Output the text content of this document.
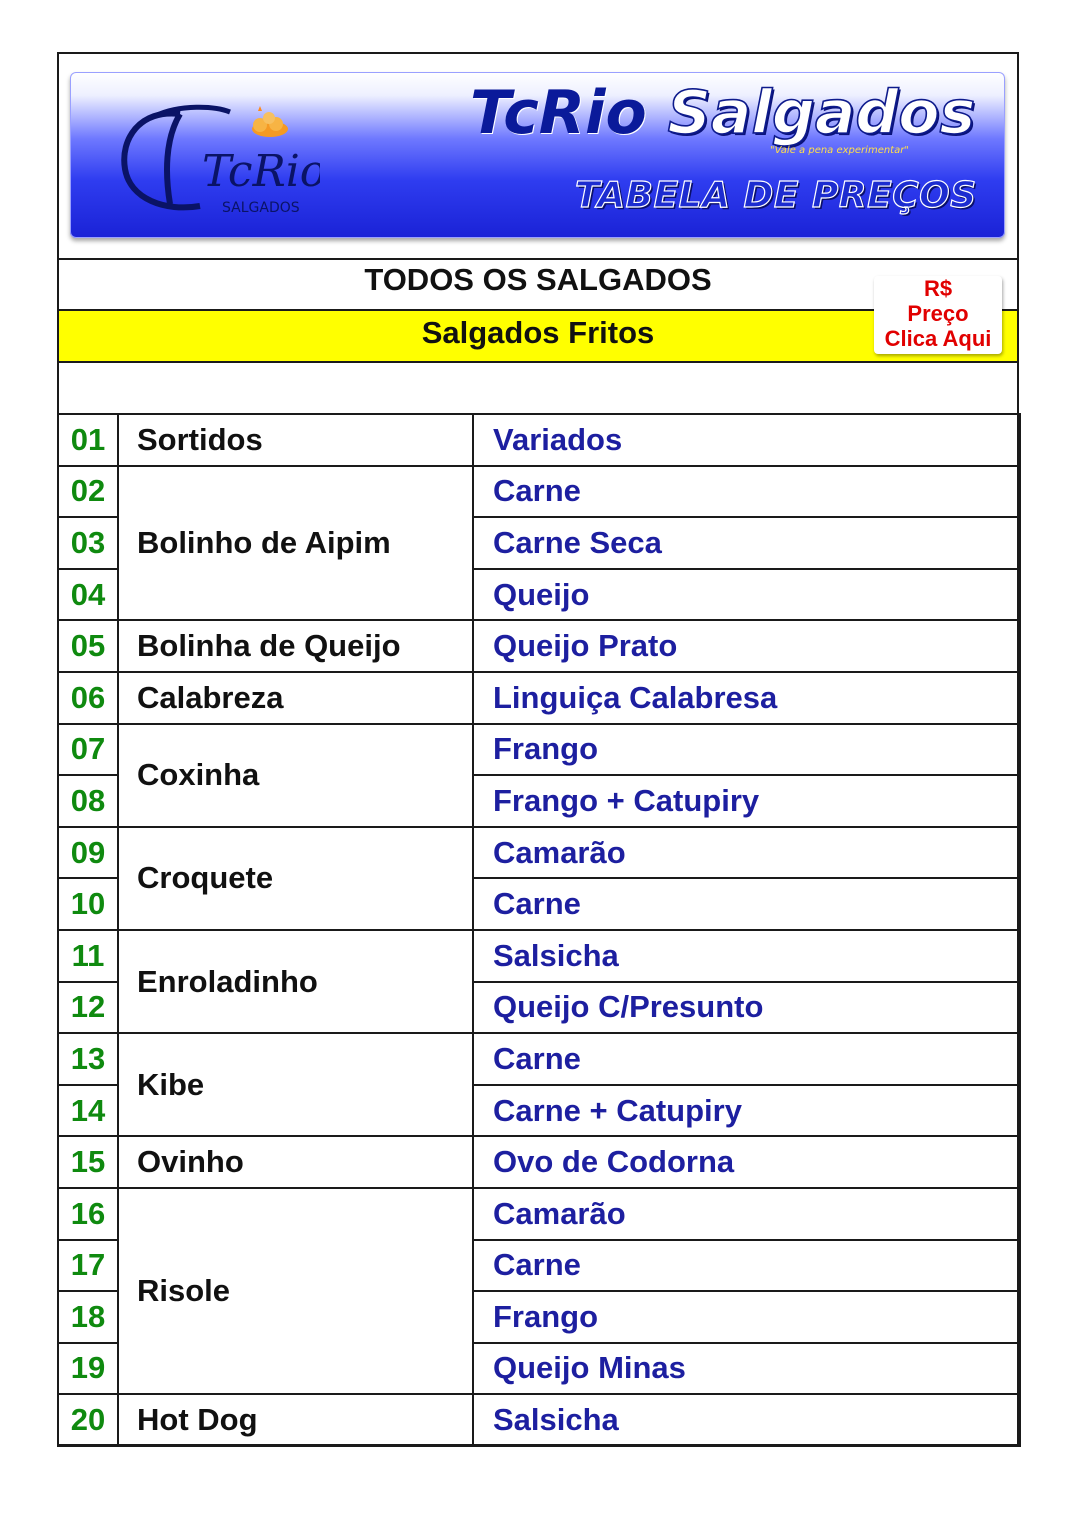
TcRio
SALGADOS
TcRio Salgados
"Vale a pena experimentar"
TABELA DE PREÇOS
TODOS OS SALGADOS
Salgados Fritos
R$
Preço
Clica Aqui
01	Sortidos	Variados
02	Bolinho de Aipim	Carne
03		Carne Seca
04		Queijo
05	Bolinha de Queijo	Queijo Prato
06	Calabreza	Linguiça Calabresa
07	Coxinha	Frango
08		Frango + Catupiry
09	Croquete	Camarão
10		Carne
11	Enroladinho	Salsicha
12		Queijo C/Presunto
13	Kibe	Carne
14		Carne + Catupiry
15	Ovinho	Ovo de Codorna
16	Risole	Camarão
17		Carne
18		Frango
19		Queijo Minas
20	Hot Dog	Salsicha
